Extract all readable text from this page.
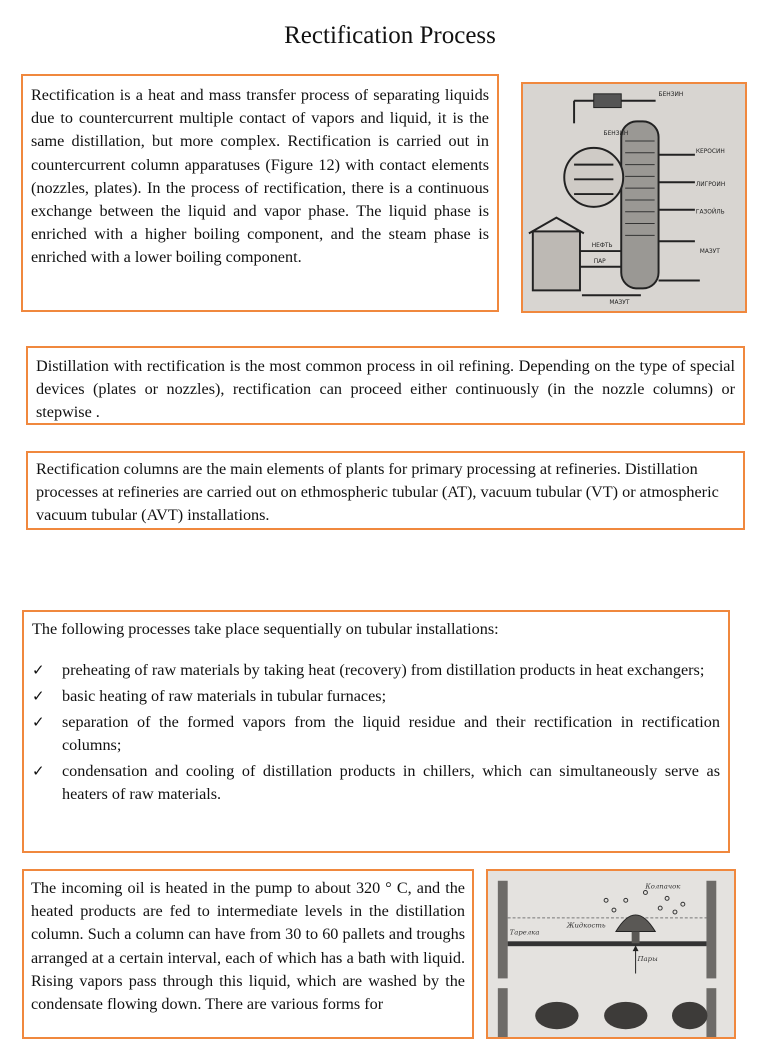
Rectification Process

Rectification is a heat and mass transfer process of separating liquids due to countercurrent multiple contact of vapors and liquid, it is the same distillation, but more complex. Rectification is carried out in countercurrent column apparatuses (Figure 12) with contact elements (nozzles, plates). In the process of rectification, there is a continuous exchange between the liquid and vapor phase. The liquid phase is enriched with a higher boiling component, and the steam phase is enriched with a lower boiling component.

БЕНЗИН
БЕНЗИН
КЕРОСИН
ЛИГРОИН
ГАЗОЙЛЬ
НЕФТЬ
ПАР
МАЗУТ
МАЗУТ

Distillation with rectification is the most common process in oil refining. Depending on the type of special devices (plates or nozzles), rectification can proceed either continuously (in the nozzle columns) or stepwise .

Rectification columns are the main elements of plants for primary processing at refineries. Distillation processes at refineries are carried out on ethmospheric tubular (AT), vacuum tubular (VT) or atmospheric vacuum tubular (AVT) installations.

The following processes take place sequentially on tubular installations:

✓ preheating of raw materials by taking heat (recovery) from distillation products in heat exchangers;
✓ basic heating of raw materials in tubular furnaces;
✓ separation of the formed vapors from the liquid residue and their rectification in rectification columns;
✓ condensation and cooling of distillation products in chillers, which can simultaneously serve as heaters of raw materials.

The incoming oil is heated in the pump to about 320 ° C, and the heated products are fed to intermediate levels in the distillation column. Such a column can have from 30 to 60 pallets and troughs arranged at a certain interval, each of which has a bath with liquid. Rising vapors pass through this liquid, which are washed by the condensate flowing down. There are various forms for

Колпачок
Тарелка
Жидкость
Пары
